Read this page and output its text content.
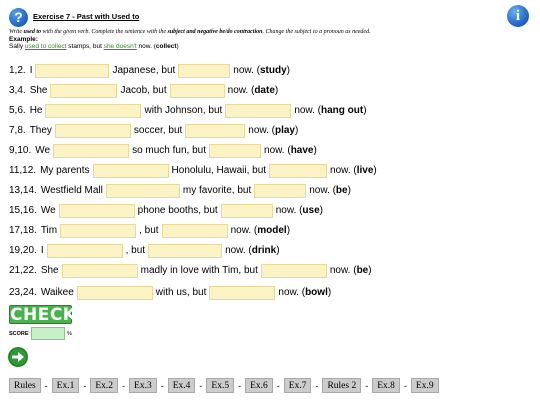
?	Exercise 7 - Past with Used to	i
Write used to with the given verb. Complete the sentence with the subject and negative be/do contraction. Change the subject to a pronoun as needed.
Example:
Sally used to collect stamps, but she doesn't now. (collect)
1,2. I	Japanese, but	now. ( study )
3,4. She	Jacob, but	now. ( date )
5,6. He	with Johnson, but	now. ( hang out )
7,8. They	soccer, but	now. ( play )
9,10. We	so much fun, but	now. ( have )
11,12. My parents	Honolulu, Hawaii, but	now. ( live )
13,14. Westfield Mall	my favorite, but	now. ( be )
15,16. We	phone booths, but	now. ( use )
17,18. Tim	, but	now. ( model )
19,20. I	, but	now. ( drink )
21,22. She	madly in love with Tim, but	now. ( be )
23,24. Waikee	with us, but	now. ( bowl )
CHECK
SCORE	%
Rules	- Ex.1	- Ex.2	- Ex.3	- Ex.4	- Ex.5	- Ex.6	- Ex.7	- Rules 2	- Ex.8	- Ex.9
